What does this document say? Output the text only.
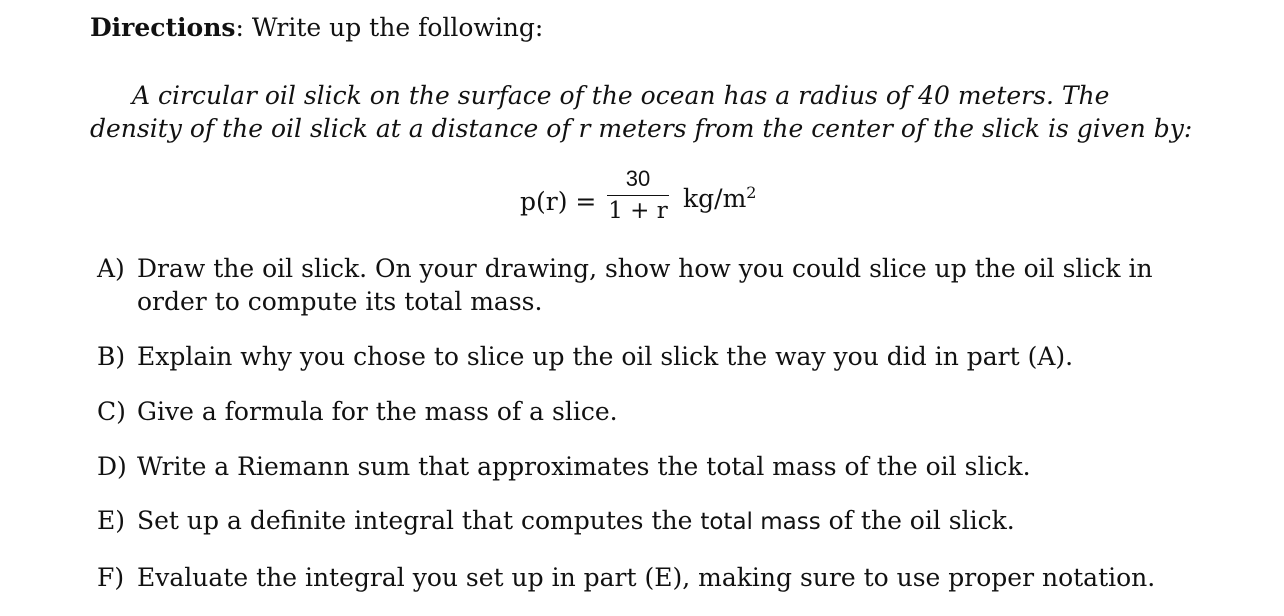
Directions: Write up the following:
A circular oil slick on the surface of the ocean has a radius of 40 meters. The density of the oil slick at a distance of r meters from the center of the slick is given by:
p(r) =
30
1 + r $kg/m^2$
A) Draw the oil slick. On your drawing, show how you could slice up the oil slick in order to compute its total mass.
B) Explain why you chose to slice up the oil slick the way you did in part (A).
C) Give a formula for the mass of a slice.
D) Write a Riemann sum that approximates the total mass of the oil slick.
E) Set up a definite integral that computes the total mass of the oil slick.
F) Evaluate the integral you set up in part (E), making sure to use proper notation.
